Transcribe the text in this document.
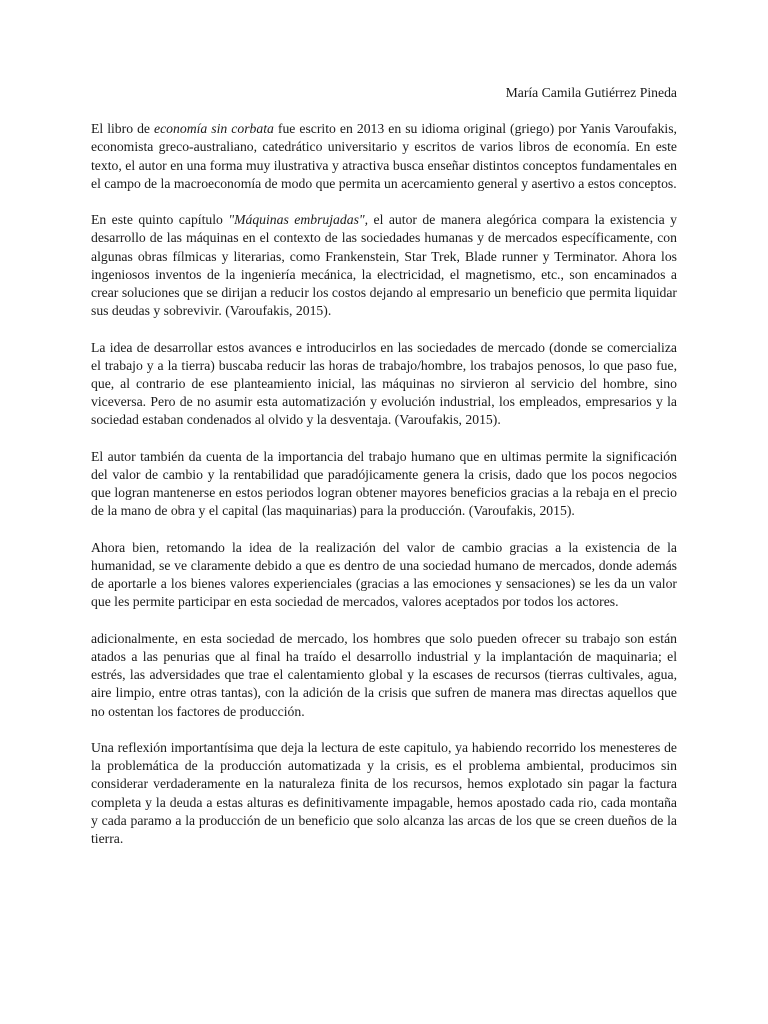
María Camila Gutiérrez Pineda

El libro de economía sin corbata fue escrito en 2013 en su idioma original (griego) por Yanis Varoufakis, economista greco-australiano, catedrático universitario y escritos de varios libros de economía. En este texto, el autor en una forma muy ilustrativa y atractiva busca enseñar distintos conceptos fundamentales en el campo de la macroeconomía de modo que permita un acercamiento general y asertivo a estos conceptos.

En este quinto capítulo "Máquinas embrujadas", el autor de manera alegórica compara la existencia y desarrollo de las máquinas en el contexto de las sociedades humanas y de mercados específicamente, con algunas obras fílmicas y literarias, como Frankenstein, Star Trek, Blade runner y Terminator. Ahora los ingeniosos inventos de la ingeniería mecánica, la electricidad, el magnetismo, etc., son encaminados a crear soluciones que se dirijan a reducir los costos dejando al empresario un beneficio que permita liquidar sus deudas y sobrevivir. (Varoufakis, 2015).

La idea de desarrollar estos avances e introducirlos en las sociedades de mercado (donde se comercializa el trabajo y a la tierra) buscaba reducir las horas de trabajo/hombre, los trabajos penosos, lo que paso fue, que, al contrario de ese planteamiento inicial, las máquinas no sirvieron al servicio del hombre, sino viceversa. Pero de no asumir esta automatización y evolución industrial, los empleados, empresarios y la sociedad estaban condenados al olvido y la desventaja. (Varoufakis, 2015).

El autor también da cuenta de la importancia del trabajo humano que en ultimas permite la significación del valor de cambio y la rentabilidad que paradójicamente genera la crisis, dado que los pocos negocios que logran mantenerse en estos periodos logran obtener mayores beneficios gracias a la rebaja en el precio de la mano de obra y el capital (las maquinarias) para la producción. (Varoufakis, 2015).

Ahora bien, retomando la idea de la realización del valor de cambio gracias a la existencia de la humanidad, se ve claramente debido a que es dentro de una sociedad humano de mercados, donde además de aportarle a los bienes valores experienciales (gracias a las emociones y sensaciones) se les da un valor que les permite participar en esta sociedad de mercados, valores aceptados por todos los actores.

adicionalmente, en esta sociedad de mercado, los hombres que solo pueden ofrecer su trabajo son están atados a las penurias que al final ha traído el desarrollo industrial y la implantación de maquinaria; el estrés, las adversidades que trae el calentamiento global y la escases de recursos (tierras cultivales, agua, aire limpio, entre otras tantas), con la adición de la crisis que sufren de manera mas directas aquellos que no ostentan los factores de producción.

Una reflexión importantísima que deja la lectura de este capitulo, ya habiendo recorrido los menesteres de la problemática de la producción automatizada y la crisis, es el problema ambiental, producimos sin considerar verdaderamente en la naturaleza finita de los recursos, hemos explotado sin pagar la factura completa y la deuda a estas alturas es definitivamente impagable, hemos apostado cada rio, cada montaña y cada paramo a la producción de un beneficio que solo alcanza las arcas de los que se creen dueños de la tierra.
